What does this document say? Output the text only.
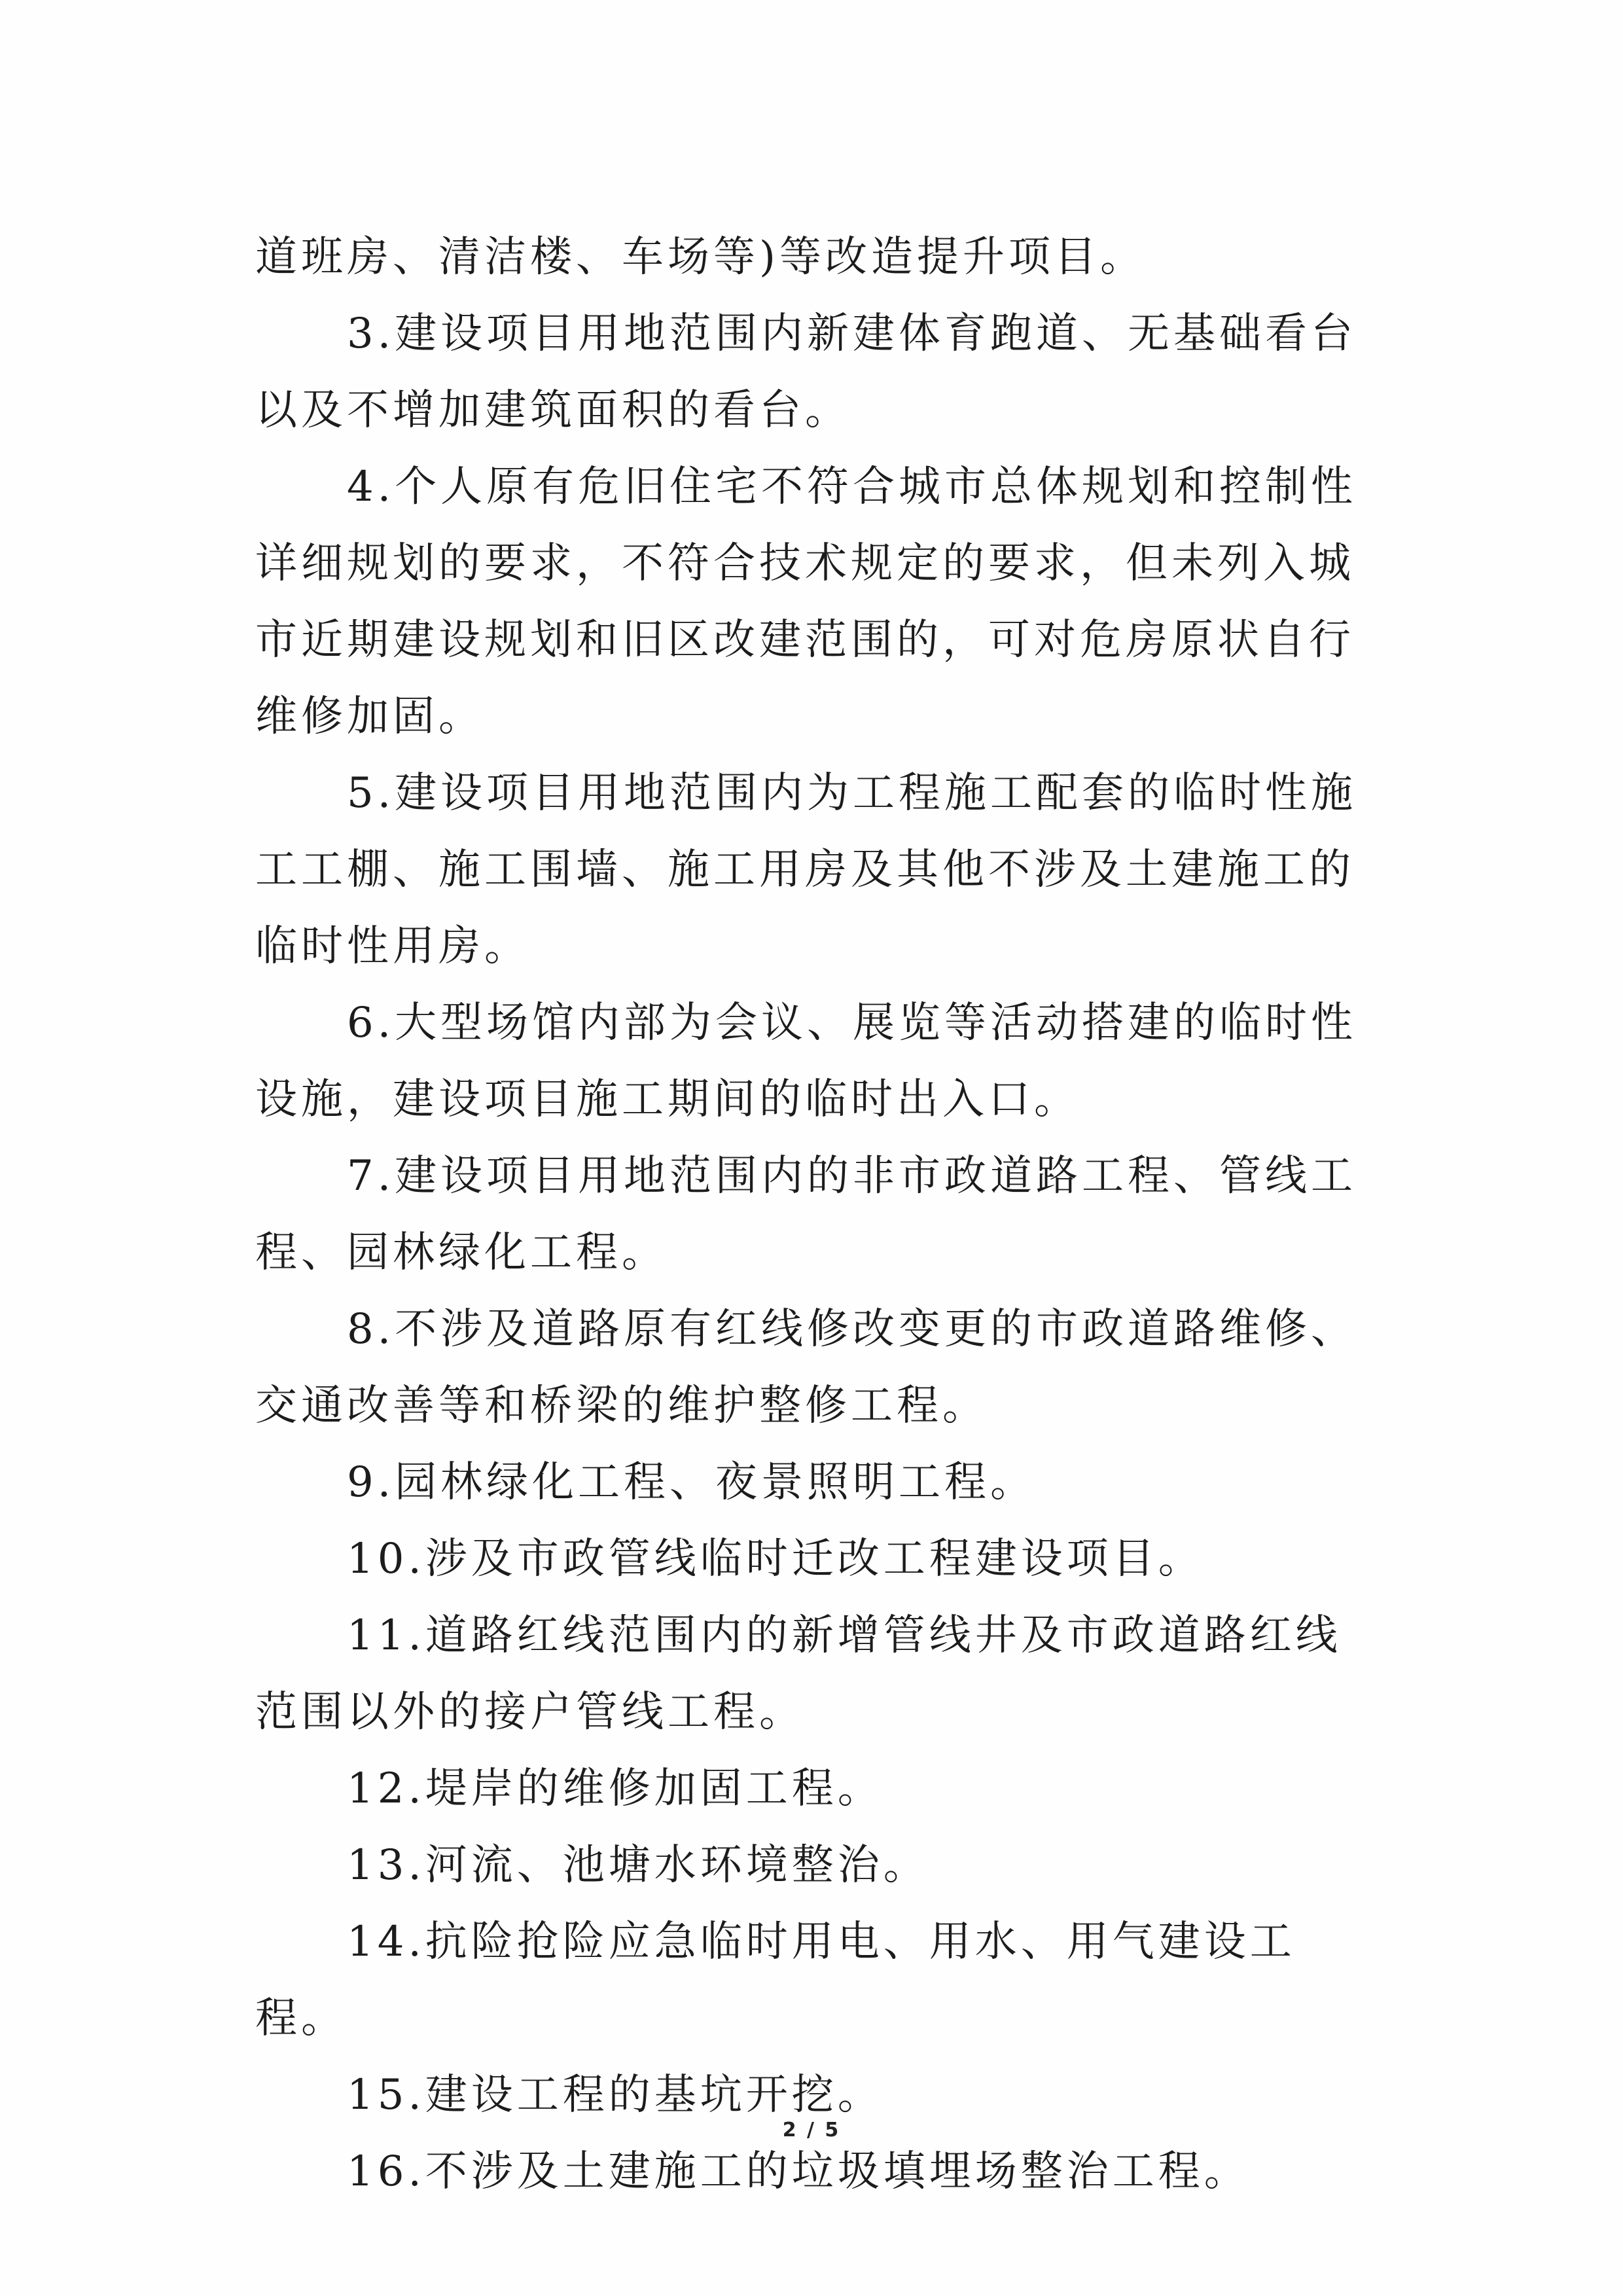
道班房、清洁楼、车场等)等改造提升项目。

3.建设项目用地范围内新建体育跑道、无基础看台以及不增加建筑面积的看台。

4.个人原有危旧住宅不符合城市总体规划和控制性详细规划的要求，不符合技术规定的要求，但未列入城市近期建设规划和旧区改建范围的，可对危房原状自行维修加固。

5.建设项目用地范围内为工程施工配套的临时性施工工棚、施工围墙、施工用房及其他不涉及土建施工的临时性用房。

6.大型场馆内部为会议、展览等活动搭建的临时性设施，建设项目施工期间的临时出入口。

7.建设项目用地范围内的非市政道路工程、管线工程、园林绿化工程。

8.不涉及道路原有红线修改变更的市政道路维修、交通改善等和桥梁的维护整修工程。

9.园林绿化工程、夜景照明工程。

10.涉及市政管线临时迁改工程建设项目。

11.道路红线范围内的新增管线井及市政道路红线范围以外的接户管线工程。

12.堤岸的维修加固工程。

13.河流、池塘水环境整治。

14.抗险抢险应急临时用电、用水、用气建设工程。

15.建设工程的基坑开挖。

16.不涉及土建施工的垃圾填埋场整治工程。

2 / 5
